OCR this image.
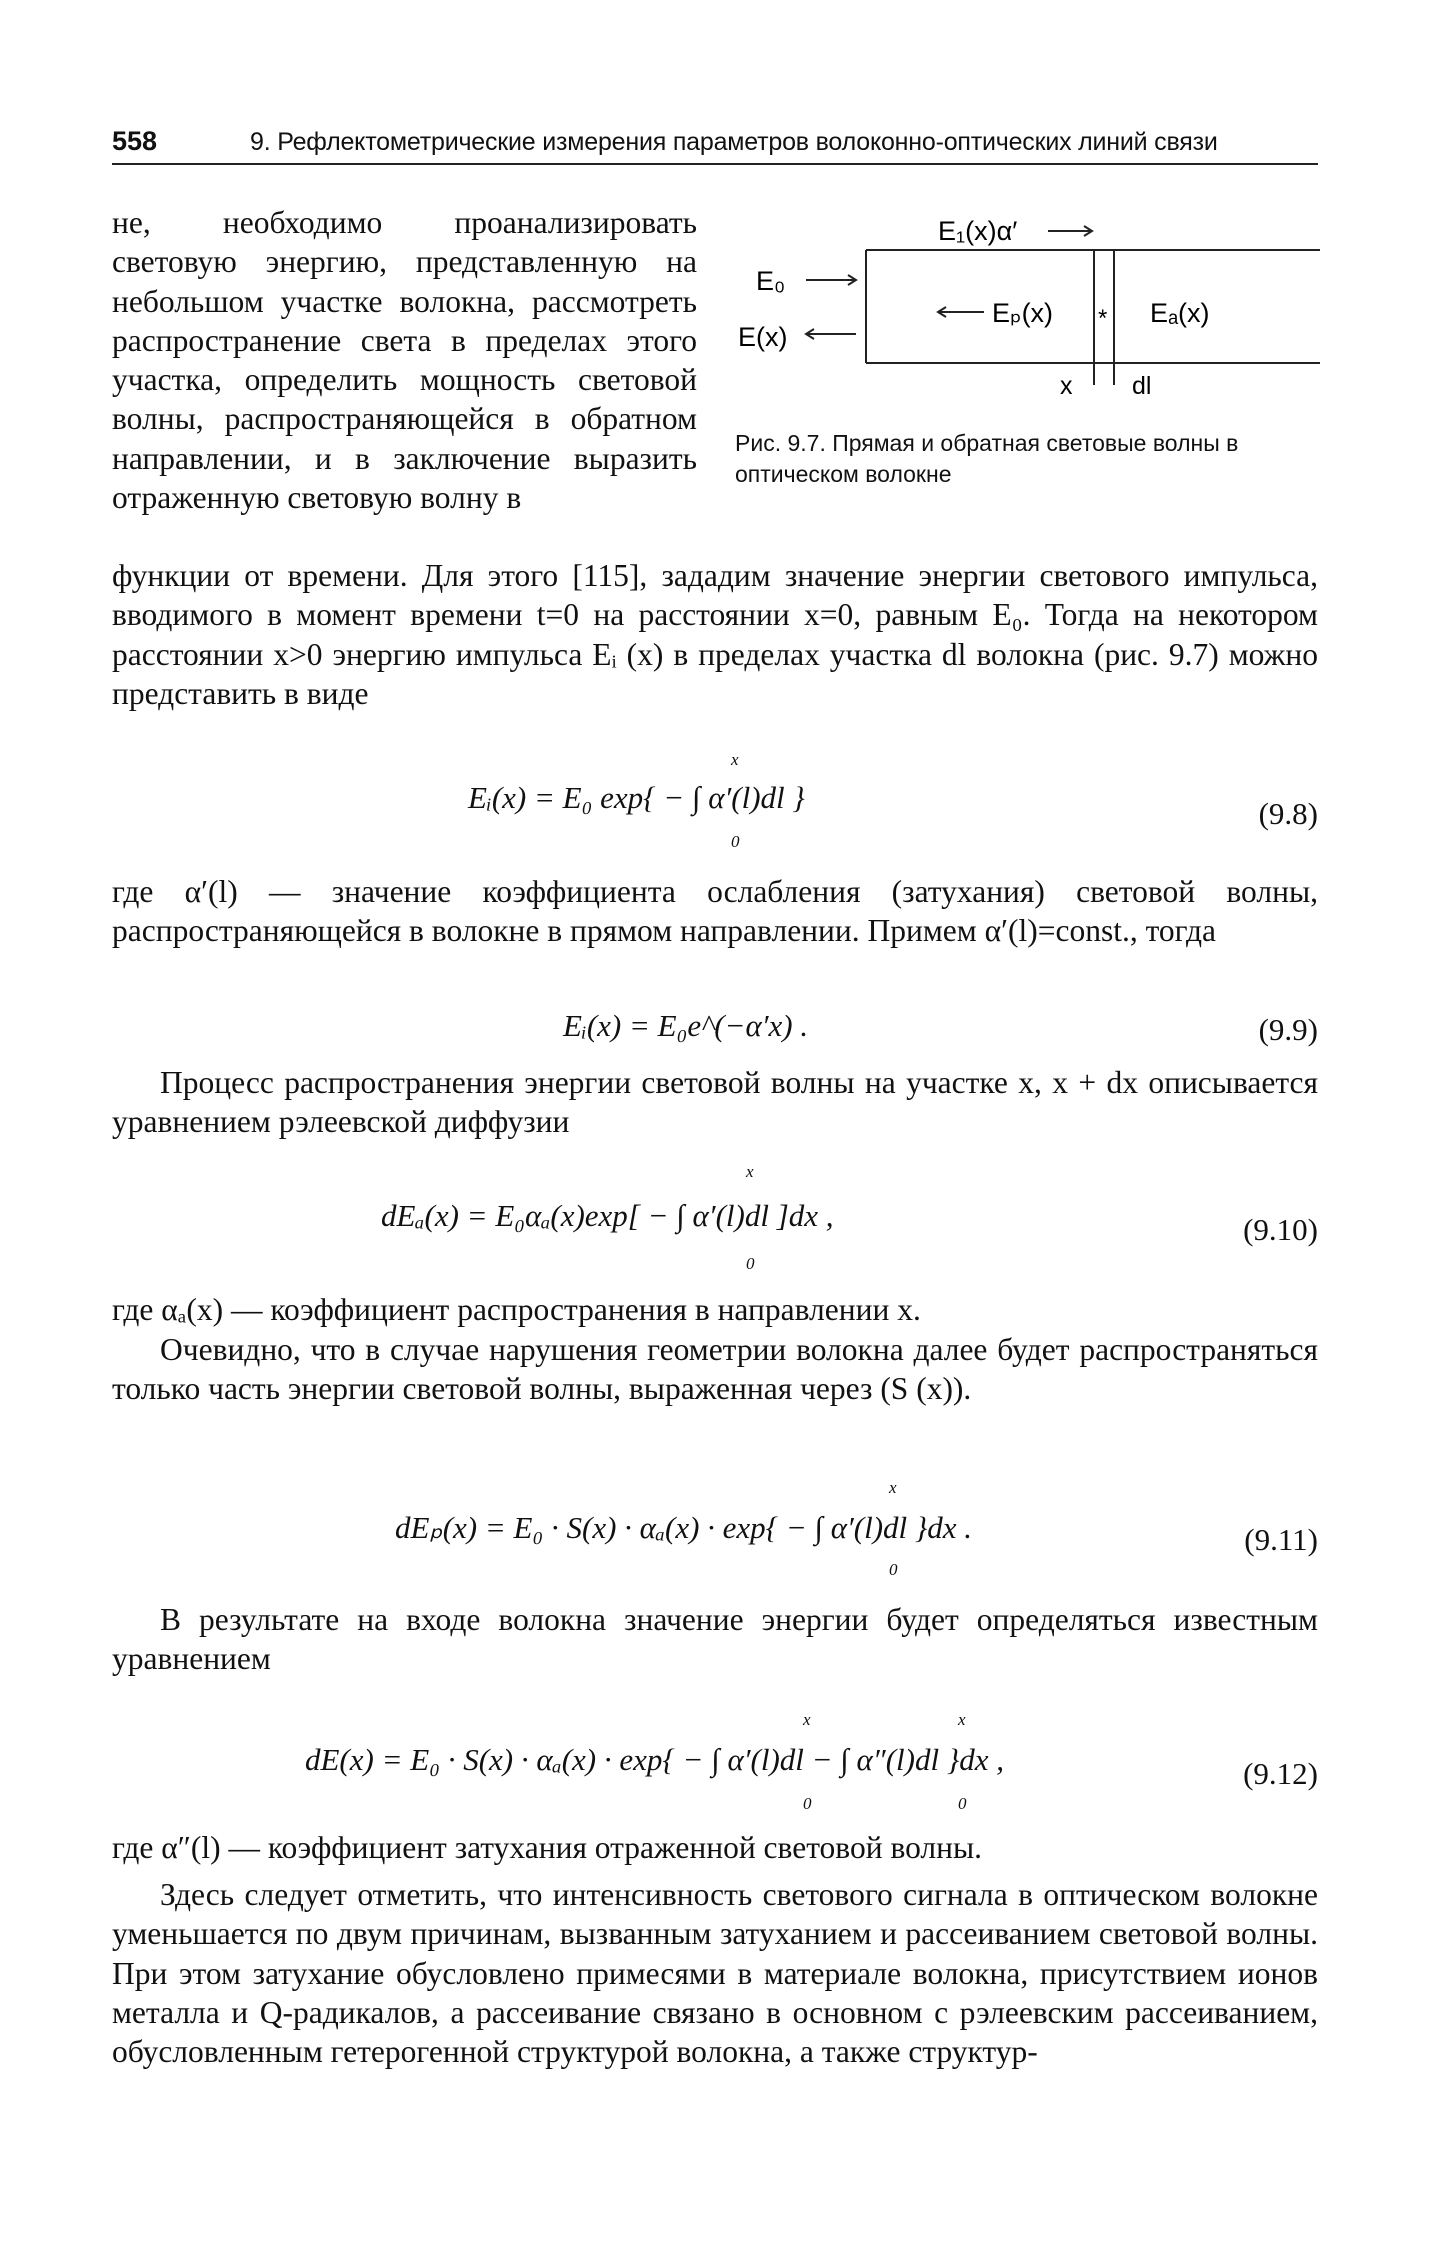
558	9. Рефлектометрические измерения параметров волоконно-оптических линий связи
не, необходимо проанализировать световую энергию, представленную на небольшом участке волокна, рассмотреть распространение света в пределах этого участка, определить мощность световой волны, распространяющейся в обратном направлении, и в заключение выразить отраженную световую волну в
E₁(x)α′
E₀
E(x)
Eₚ(x) * Eₐ(x)
x dl
Рис. 9.7. Прямая и обратная световые волны в оптическом волокне
функции от времени. Для этого [115], зададим значение энергии светового импульса, вводимого в момент времени t=0 на расстоянии x=0, равным E₀. Тогда на некотором расстоянии x>0 энергию импульса Eᵢ (x) в пределах участка dl волокна (рис. 9.7) можно представить в виде
Eᵢ(x) = E₀ exp{ − ∫ α′(l)dl }
x
0
(9.8)
где α′(l) — значение коэффициента ослабления (затухания) световой волны, распространяющейся в волокне в прямом направлении. Примем α′(l)=const., тогда
Eᵢ(x) = E₀e^(−α′x) .	(9.9)
Процесс распространения энергии световой волны на участке x, x + dx описывается уравнением рэлеевской диффузии
dEₐ(x) = E₀αₐ(x)exp[ − ∫ α′(l)dl ]dx ,
x
0
(9.10)
где αₐ(x) — коэффициент распространения в направлении x.
Очевидно, что в случае нарушения геометрии волокна далее будет распространяться только часть энергии световой волны, выраженная через (S (x)).
dEₚ(x) = E₀ · S(x) · αₐ(x) · exp{ − ∫ α′(l)dl }dx .
x
0
(9.11)
В результате на входе волокна значение энергии будет определяться известным уравнением
dE(x) = E₀ · S(x) · αₐ(x) · exp{ − ∫ α′(l)dl − ∫ α″(l)dl }dx ,
x
0
x
0
(9.12)
где α″(l) — коэффициент затухания отраженной световой волны.
Здесь следует отметить, что интенсивность светового сигнала в оптическом волокне уменьшается по двум причинам, вызванным затуханием и рассеиванием световой волны. При этом затухание обусловлено примесями в материале волокна, присутствием ионов металла и Q-радикалов, а рассеивание связано в основном с рэлеевским рассеиванием, обусловленным гетерогенной структурой волокна, а также структур-
